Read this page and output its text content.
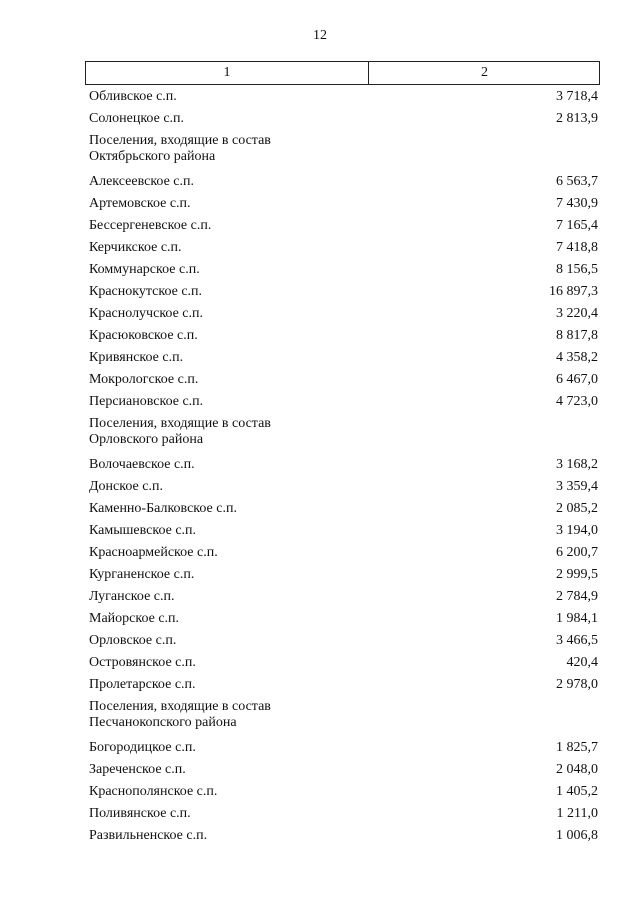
12
1	2
Обливское с.п.	3 718,4
Солонецкое с.п.	2 813,9
Поселения, входящие в состав Октябрьского района
Алексеевское с.п.	6 563,7
Артемовское с.п.	7 430,9
Бессергеневское с.п.	7 165,4
Керчикское с.п.	7 418,8
Коммунарское с.п.	8 156,5
Краснокутское с.п.	16 897,3
Краснолучское с.п.	3 220,4
Красюковское с.п.	8 817,8
Кривянское с.п.	4 358,2
Мокрологское с.п.	6 467,0
Персиановское с.п.	4 723,0
Поселения, входящие в состав Орловского района
Волочаевское с.п.	3 168,2
Донское с.п.	3 359,4
Каменно-Балковское с.п.	2 085,2
Камышевское с.п.	3 194,0
Красноармейское с.п.	6 200,7
Курганенское с.п.	2 999,5
Луганское с.п.	2 784,9
Майорское с.п.	1 984,1
Орловское с.п.	3 466,5
Островянское с.п.	420,4
Пролетарское с.п.	2 978,0
Поселения, входящие в состав Песчанокопского района
Богородицкое с.п.	1 825,7
Зареченское с.п.	2 048,0
Краснополянское с.п.	1 405,2
Поливянское с.п.	1 211,0
Развильненское с.п.	1 006,8
